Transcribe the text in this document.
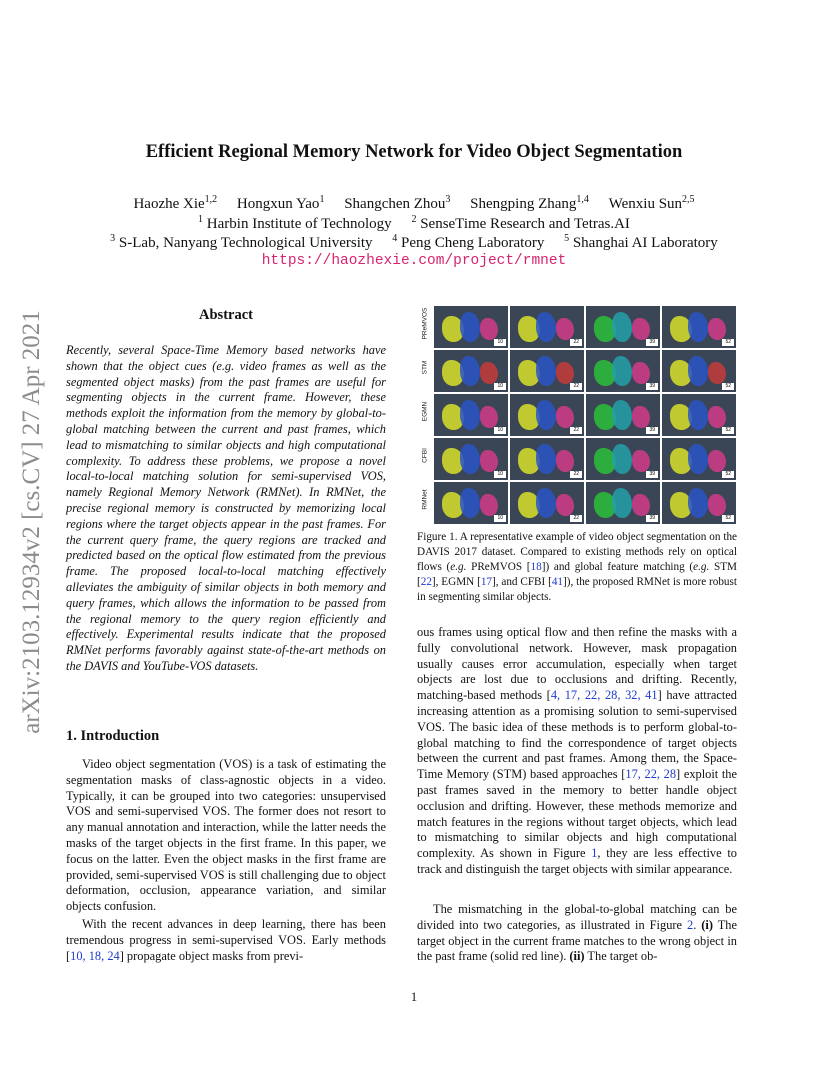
Efficient Regional Memory Network for Video Object Segmentation
Haozhe Xie$^{1,2}$ Hongxun Yao$^1$ Shangchen Zhou$^3$ Shengping Zhang$^{1,4}$ Wenxiu Sun$^{2,5}$
$^1$ Harbin Institute of Technology $^2$ SenseTime Research and Tetras.AI
$^3$ S-Lab, Nanyang Technological University $^4$ Peng Cheng Laboratory $^5$ Shanghai AI Laboratory
https://haozhexie.com/project/rmnet
arXiv:2103.12934v2 [cs.CV] 27 Apr 2021	Abstract
Recently, several Space-Time Memory based networks have shown that the object cues (e.g. video frames as well as the segmented object masks) from the past frames are useful for segmenting objects in the current frame. However, these methods exploit the information from the memory by global-to-global matching between the current and past frames, which lead to mismatching to similar objects and high computational complexity. To address these problems, we propose a novel local-to-local matching solution for semi-supervised VOS, namely Regional Memory Network (RMNet). In RMNet, the precise regional memory is constructed by memorizing local regions where the target objects appear in the past frames. For the current query frame, the query regions are tracked and predicted based on the optical flow estimated from the previous frame. The proposed local-to-local matching effectively alleviates the ambiguity of similar objects in both memory and query frames, which allows the information to be passed from the regional memory to the query region efficiently and effectively. Experimental results indicate that the proposed RMNet performs favorably against state-of-the-art methods on the DAVIS and YouTube-VOS datasets.
1. Introduction
Video object segmentation (VOS) is a task of estimating the segmentation masks of class-agnostic objects in a video. Typically, it can be grouped into two categories: unsupervised VOS and semi-supervised VOS. The former does not resort to any manual annotation and interaction, while the latter needs the masks of the target objects in the first frame. In this paper, we focus on the latter. Even the object masks in the first frame are provided, semi-supervised VOS is still challenging due to object deformation, occlusion, appearance variation, and similar objects confusion.
With the recent advances in deep learning, there has been tremendous progress in semi-supervised VOS. Early methods [10, 18, 24] propagate object masks from previ-
PReMVOS
10	22	39	52
STM
10	22	39	52
EGMN
10	22	39	52
CFBI
10	22	39	52
RMNet
10	22	39	52
Figure 1. A representative example of video object segmentation on the DAVIS 2017 dataset. Compared to existing methods rely on optical flows (e.g. PReMVOS [18]) and global feature matching (e.g. STM [22], EGMN [17], and CFBI [41]), the proposed RMNet is more robust in segmenting similar objects.
ous frames using optical flow and then refine the masks with a fully convolutional network. However, mask propagation usually causes error accumulation, especially when target objects are lost due to occlusions and drifting. Recently, matching-based methods [4, 17, 22, 28, 32, 41] have attracted increasing attention as a promising solution to semi-supervised VOS. The basic idea of these methods is to perform global-to-global matching to find the correspondence of target objects between the current and past frames. Among them, the Space-Time Memory (STM) based approaches [17, 22, 28] exploit the past frames saved in the memory to better handle object occlusion and drifting. However, these methods memorize and match features in the regions without target objects, which lead to mismatching to similar objects and high computational complexity. As shown in Figure 1, they are less effective to track and distinguish the target objects with similar appearance.
The mismatching in the global-to-global matching can be divided into two categories, as illustrated in Figure 2. (i) The target object in the current frame matches to the wrong object in the past frame (solid red line). (ii) The target ob-
1
